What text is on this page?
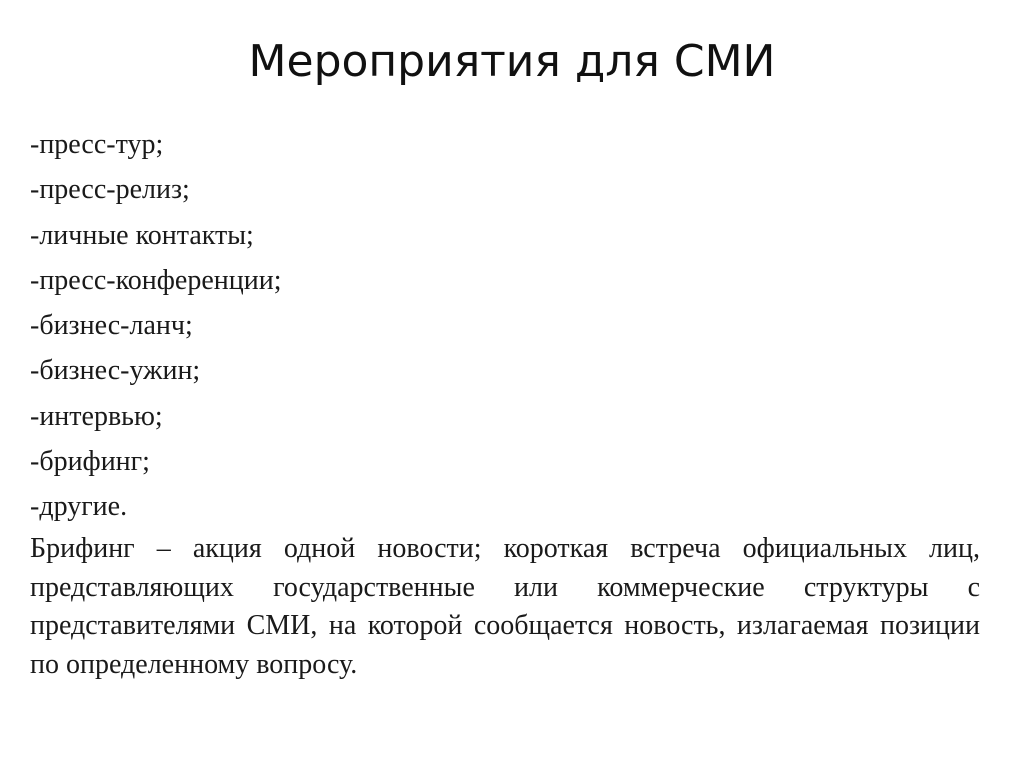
Мероприятия для СМИ
-пресс-тур;
-пресс-релиз;
-личные контакты;
-пресс-конференции;
-бизнес-ланч;
-бизнес-ужин;
-интервью;
-брифинг;
-другие.

Брифинг – акция одной новости; короткая встреча официальных лиц, представляющих государственные или коммерческие структуры с представителями СМИ, на которой сообщается новость, излагаемая позиции по определенному вопросу.
